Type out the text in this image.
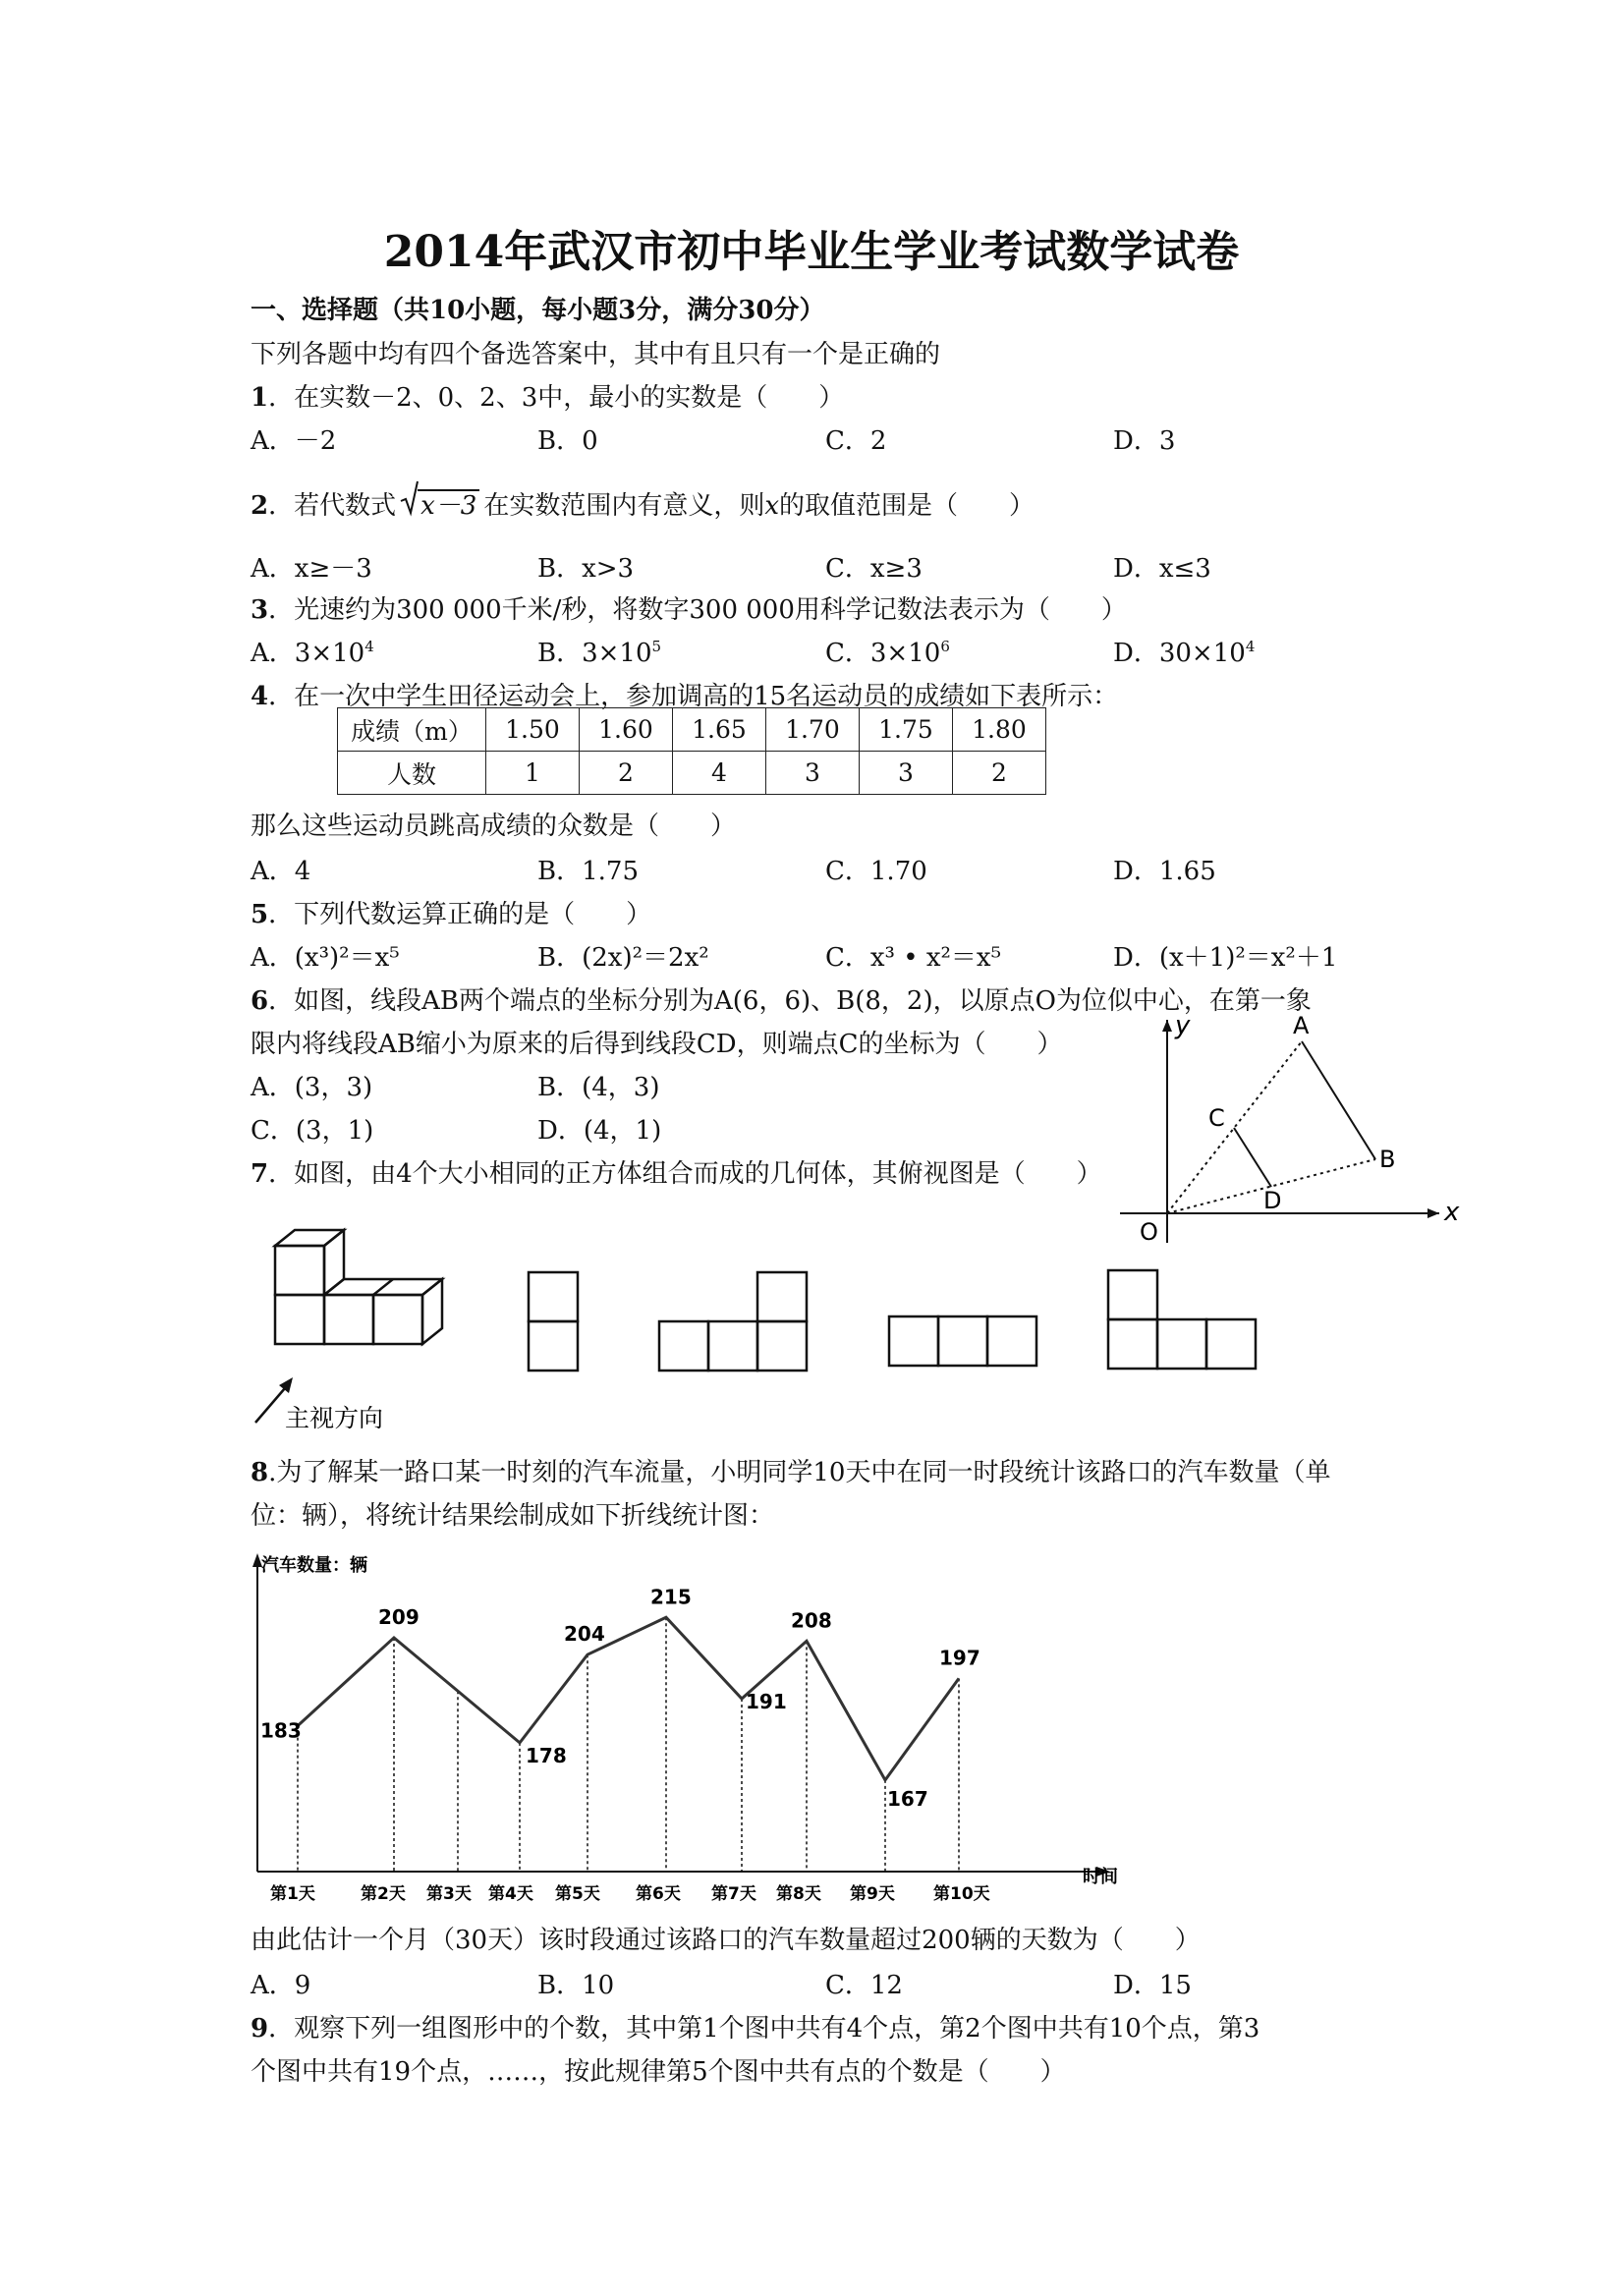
2014年武汉市初中毕业生学业考试数学试卷
一、选择题（共10小题，每小题3分，满分30分）
下列各题中均有四个备选答案中，其中有且只有一个是正确的
1．在实数－2、0、2、3中，最小的实数是（　　）
A．－2	B．0	C．2	D．3
2．若代数式 x－3 在实数范围内有意义，则x的取值范围是（　　）
A．x≥－3	B．x>3	C．x≥3	D．x≤3
3．光速约为300 000千米/秒，将数字300 000用科学记数法表示为（　　）
A．$3\times 10^4$	B．$3\times 10^5$	C．$3\times 10^6$	D．$30\times 10^4$
4．在一次中学生田径运动会上，参加调高的15名运动员的成绩如下表所示：
成绩（m）	1.50	1.60	1.65	1.70	1.75	1.80
人数	1	2	4	3	3	2
那么这些运动员跳高成绩的众数是（　　）
A．4	B．1.75	C．1.70	D．1.65
5．下列代数运算正确的是（　　）
A．(x³)²＝x⁵	B．(2x)²＝2x²	C．x³ • x²＝x⁵	D．(x＋1)²＝x²＋1
6．如图，线段AB两个端点的坐标分别为A(6，6)、B(8，2)，以原点O为位似中心，在第一象
限内将线段AB缩小为原来的后得到线段CD，则端点C的坐标为（　　）
A．(3，3)	B．(4，3)
C．(3，1)	D．(4，1)
A
B
C
D
O
x
y
7．如图，由4个大小相同的正方体组合而成的几何体，其俯视图是（　　）
主视方向
8.为了解某一路口某一时刻的汽车流量，小明同学10天中在同一时段统计该路口的汽车数量（单
位：辆），将统计结果绘制成如下折线统计图：
汽车数量：辆
时间
183
209
178
204
215
191
208
167
197
第1天	第2天 第3天 第4天 第5天 第6天 第7天 第8天 第9天 第10天
由此估计一个月（30天）该时段通过该路口的汽车数量超过200辆的天数为（　　）
A．9	B．10	C．12	D．15
9．观察下列一组图形中的个数，其中第1个图中共有4个点，第2个图中共有10个点，第3
个图中共有19个点，……，按此规律第5个图中共有点的个数是（　　）
